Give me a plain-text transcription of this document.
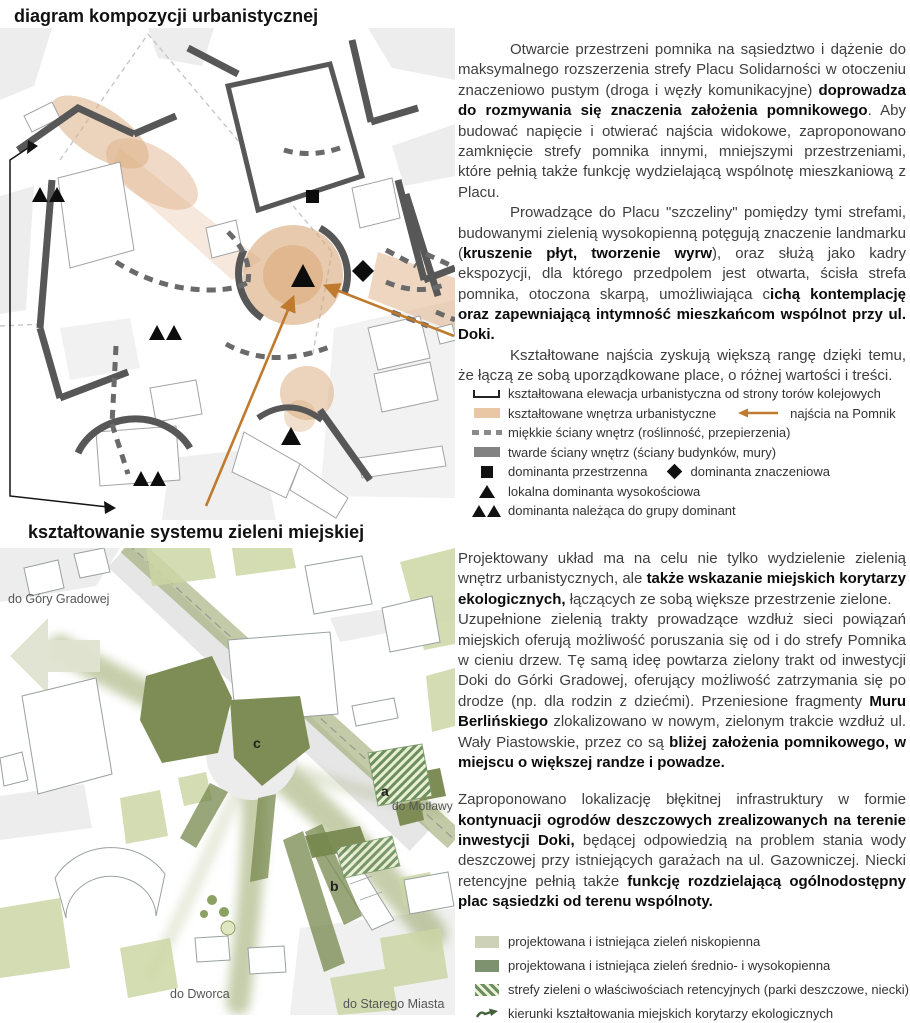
diagram kompozycji urbanistycznej

Otwarcie przestrzeni pomnika na sąsiedztwo i dążenie do maksymalnego rozszerzenia strefy Placu Solidarności w otoczeniu znaczeniowo pustym (droga i węzły komunikacyjne) doprowadza do rozmywania się znaczenia założenia pomnikowego. Aby budować napięcie i otwierać najścia widokowe, zaproponowano zamknięcie strefy pomnika innymi, mniejszymi przestrzeniami, które pełnią także funkcję wydzielającą wspólnotę mieszkaniową z Placu.

Prowadzące do Placu "szczeliny" pomiędzy tymi strefami, budowanymi zielenią wysokopienną potęgują znaczenie landmarku (kruszenie płyt, tworzenie wyrw), oraz służą jako kadry ekspozycji, dla którego przedpolem jest otwarta, ścisła strefa pomnika, otoczona skarpą, umożliwiająca cichą kontemplację oraz zapewniającą intymność mieszkańcom wspólnot przy ul. Doki.

Kształtowane najścia zyskują większą rangę dzięki temu, że łączą ze sobą uporządkowane place, o różnej wartości i treści.

kształtowana elewacja urbanistyczna od strony torów kolejowych
kształtowane wnętrza urbanistyczne	najścia na Pomnik
miękkie ściany wnętrz (roślinność, przepierzenia)
twarde ściany wnętrz (ściany budynków, mury)
dominanta przestrzenna	dominanta znaczeniowa
lokalna dominanta wysokościowa
dominanta należąca do grupy dominant
kształtowanie systemu zieleni miejskiej
do Góry Gradowej
do Motławy
do Dworca
do Starego Miasta
a
b
c

Projektowany układ ma na celu nie tylko wydzielenie zielenią wnętrz urbanistycznych, ale także wskazanie miejskich korytarzy ekologicznych, łączących ze sobą większe przestrzenie zielone.

Uzupełnione zielenią trakty prowadzące wzdłuż sieci powiązań miejskich oferują możliwość poruszania się od i do strefy Pomnika w cieniu drzew. Tę samą ideę powtarza zielony trakt od inwestycji Doki do Górki Gradowej, oferujący możliwość zatrzymania się po drodze (np. dla rodzin z dziećmi). Przeniesione fragmenty Muru Berlińskiego zlokalizowano w nowym, zielonym trakcie wzdłuż ul. Wały Piastowskie, przez co są bliżej założenia pomnikowego, w miejscu o większej randze i powadze.

Zaproponowano lokalizację błękitnej infrastruktury w formie kontynuacji ogrodów deszczowych zrealizowanych na terenie inwestycji Doki, będącej odpowiedzią na problem stania wody deszczowej przy istniejących garażach na ul. Gazowniczej. Niecki retencyjne pełnią także funkcję rozdzielającą ogólnodostępny plac sąsiedzki od terenu wspólnoty.

projektowana i istniejąca zieleń niskopienna
projektowana i istniejąca zieleń średnio- i wysokopienna
strefy zieleni o właściwościach retencyjnych (parki deszczowe, niecki)
kierunki kształtowania miejskich korytarzy ekologicznych
